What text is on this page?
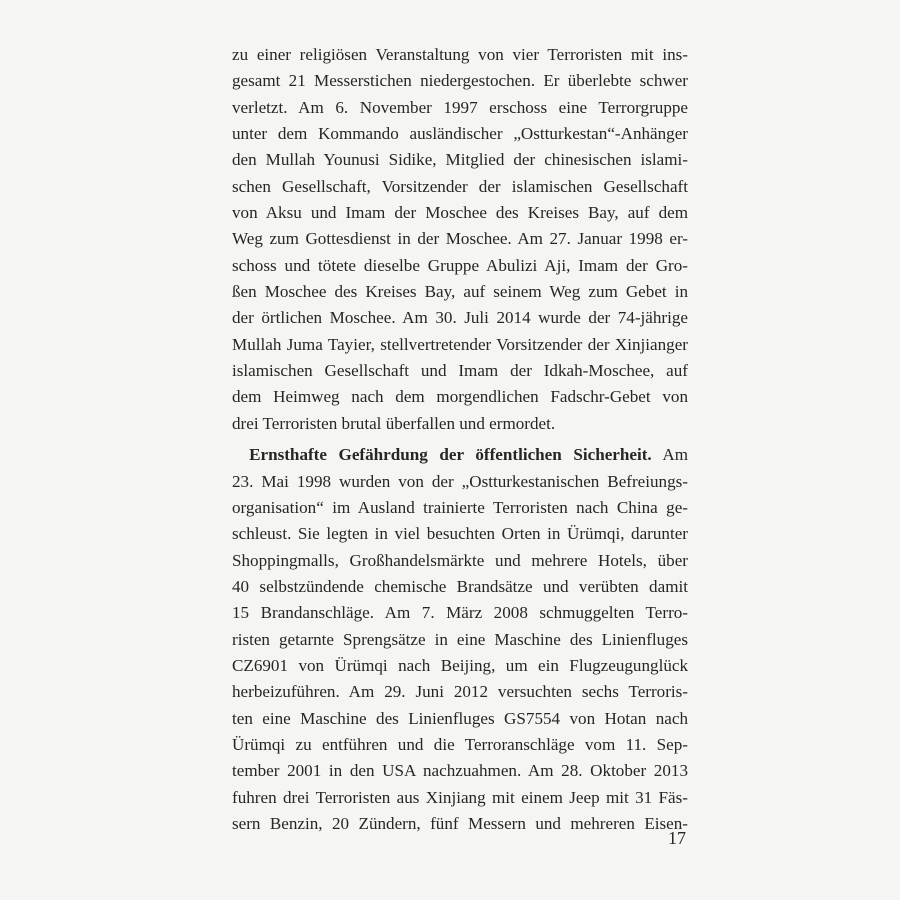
zu einer religiösen Veranstaltung von vier Terroristen mit ins-
gesamt 21 Messerstichen niedergestochen. Er überlebte schwer
verletzt. Am 6. November 1997 erschoss eine Terrorgruppe
unter dem Kommando ausländischer „Ostturkestan“-Anhänger
den Mullah Younusi Sidike, Mitglied der chinesischen islami-
schen Gesellschaft, Vorsitzender der islamischen Gesellschaft
von Aksu und Imam der Moschee des Kreises Bay, auf dem
Weg zum Gottesdienst in der Moschee. Am 27. Januar 1998 er-
schoss und tötete dieselbe Gruppe Abulizi Aji, Imam der Gro-
ßen Moschee des Kreises Bay, auf seinem Weg zum Gebet in
der örtlichen Moschee. Am 30. Juli 2014 wurde der 74-jährige
Mullah Juma Tayier, stellvertretender Vorsitzender der Xinjianger
islamischen Gesellschaft und Imam der Idkah-Moschee, auf
dem Heimweg nach dem morgendlichen Fadschr-Gebet von
drei Terroristen brutal überfallen und ermordet.
 Ernsthafte Gefährdung der öffentlichen Sicherheit. Am
23. Mai 1998 wurden von der „Ostturkestanischen Befreiungs-
organisation“ im Ausland trainierte Terroristen nach China ge-
schleust. Sie legten in viel besuchten Orten in Ürümqi, darunter
Shoppingmalls, Großhandelsmärkte und mehrere Hotels, über
40 selbstzündende chemische Brandsätze und verübten damit
15 Brandanschläge. Am 7. März 2008 schmuggelten Terro-
risten getarnte Sprengsätze in eine Maschine des Linienfluges
CZ6901 von Ürümqi nach Beijing, um ein Flugzeugunglück
herbeizuführen. Am 29. Juni 2012 versuchten sechs Terroris-
ten eine Maschine des Linienfluges GS7554 von Hotan nach
Ürümqi zu entführen und die Terroranschläge vom 11. Sep-
tember 2001 in den USA nachzuahmen. Am 28. Oktober 2013
fuhren drei Terroristen aus Xinjiang mit einem Jeep mit 31 Fäs-
sern Benzin, 20 Zündern, fünf Messern und mehreren Eisen-
17
